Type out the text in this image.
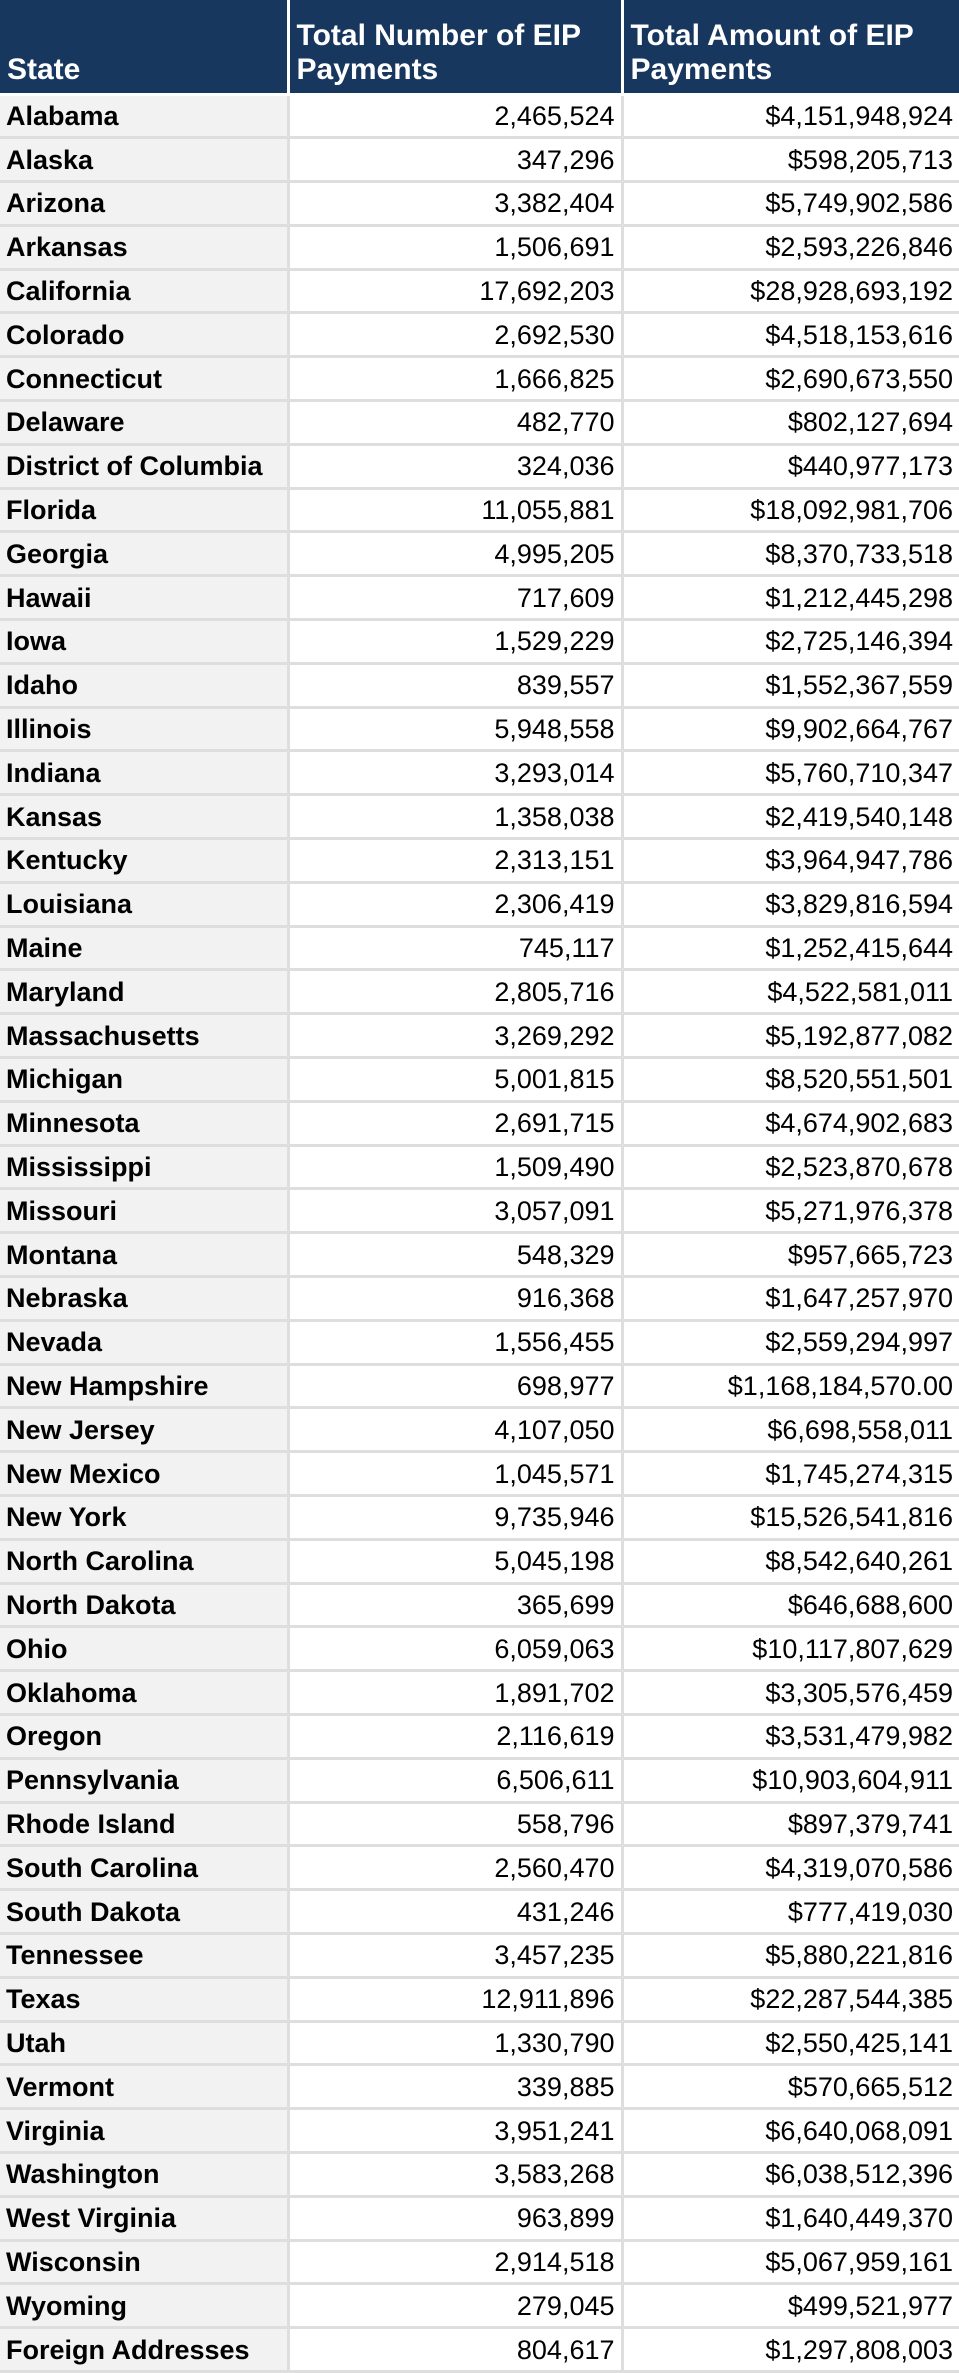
State	Total Number of EIP Payments	Total Amount of EIP Payments
Alabama	2,465,524	$4,151,948,924
Alaska	347,296	$598,205,713
Arizona	3,382,404	$5,749,902,586
Arkansas	1,506,691	$2,593,226,846
California	17,692,203	$28,928,693,192
Colorado	2,692,530	$4,518,153,616
Connecticut	1,666,825	$2,690,673,550
Delaware	482,770	$802,127,694
District of Columbia	324,036	$440,977,173
Florida	11,055,881	$18,092,981,706
Georgia	4,995,205	$8,370,733,518
Hawaii	717,609	$1,212,445,298
Iowa	1,529,229	$2,725,146,394
Idaho	839,557	$1,552,367,559
Illinois	5,948,558	$9,902,664,767
Indiana	3,293,014	$5,760,710,347
Kansas	1,358,038	$2,419,540,148
Kentucky	2,313,151	$3,964,947,786
Louisiana	2,306,419	$3,829,816,594
Maine	745,117	$1,252,415,644
Maryland	2,805,716	$4,522,581,011
Massachusetts	3,269,292	$5,192,877,082
Michigan	5,001,815	$8,520,551,501
Minnesota	2,691,715	$4,674,902,683
Mississippi	1,509,490	$2,523,870,678
Missouri	3,057,091	$5,271,976,378
Montana	548,329	$957,665,723
Nebraska	916,368	$1,647,257,970
Nevada	1,556,455	$2,559,294,997
New Hampshire	698,977	$1,168,184,570.00
New Jersey	4,107,050	$6,698,558,011
New Mexico	1,045,571	$1,745,274,315
New York	9,735,946	$15,526,541,816
North Carolina	5,045,198	$8,542,640,261
North Dakota	365,699	$646,688,600
Ohio	6,059,063	$10,117,807,629
Oklahoma	1,891,702	$3,305,576,459
Oregon	2,116,619	$3,531,479,982
Pennsylvania	6,506,611	$10,903,604,911
Rhode Island	558,796	$897,379,741
South Carolina	2,560,470	$4,319,070,586
South Dakota	431,246	$777,419,030
Tennessee	3,457,235	$5,880,221,816
Texas	12,911,896	$22,287,544,385
Utah	1,330,790	$2,550,425,141
Vermont	339,885	$570,665,512
Virginia	3,951,241	$6,640,068,091
Washington	3,583,268	$6,038,512,396
West Virginia	963,899	$1,640,449,370
Wisconsin	2,914,518	$5,067,959,161
Wyoming	279,045	$499,521,977
Foreign Addresses	804,617	$1,297,808,003
